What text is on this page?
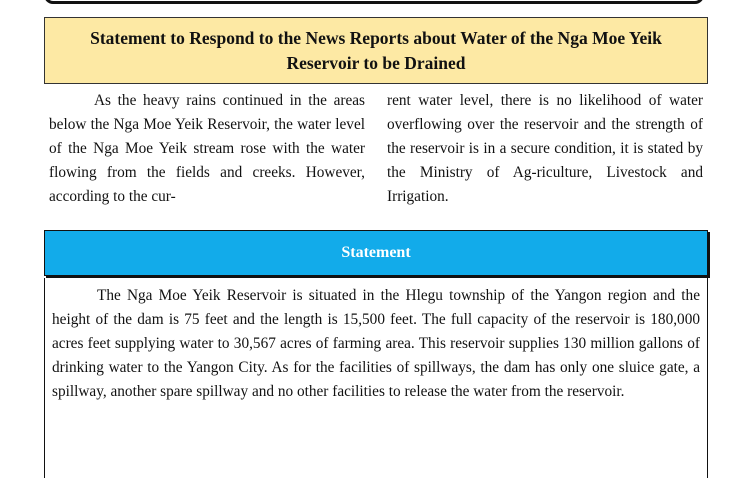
Statement to Respond to the News Reports about Water of the Nga Moe Yeik
Reservoir to be Drained

As the heavy rains continued in the areas below the Nga Moe Yeik Reservoir, the water level of the Nga Moe Yeik stream rose with the water flowing from the fields and creeks. However, according to the cur-

rent water level, there is no likelihood of water overflowing over the reservoir and the strength of the reservoir is in a secure condition, it is stated by the Ministry of Ag-riculture, Livestock and Irrigation.

Statement

The Nga Moe Yeik Reservoir is situated in the Hlegu township of the Yangon region and the height of the dam is 75 feet and the length is 15,500 feet. The full capacity of the reservoir is 180,000 acres feet supplying water to 30,567 acres of farming area. This reservoir supplies 130 million gallons of drinking water to the Yangon City. As for the facilities of spillways, the dam has only one sluice gate, a spillway, another spare spillway and no other facilities to release the water from the reservoir.
